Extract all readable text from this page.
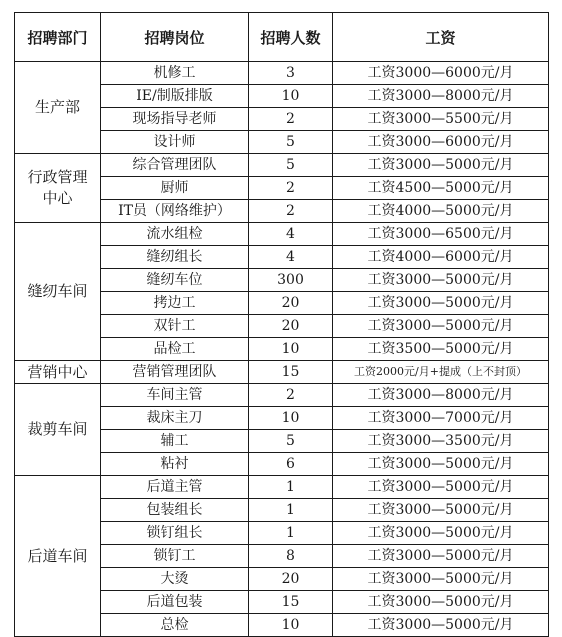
招聘部门	招聘岗位	招聘人数	工资
生产部	机修工	3	工资3000—6000元/月
	IE/制版排版	10	工资3000—8000元/月
	现场指导老师	2	工资3000—5500元/月
	设计师	5	工资3000—6000元/月
行政管理中心	综合管理团队	5	工资3000—5000元/月
	厨师	2	工资4500—5000元/月
	IT员（网络维护）	2	工资4000—5000元/月
缝纫车间	流水组检	4	工资3000—6500元/月
	缝纫组长	4	工资4000—6000元/月
	缝纫车位	300	工资3000—5000元/月
	拷边工	20	工资3000—5000元/月
	双针工	20	工资3000—5000元/月
	品检工	10	工资3500—5000元/月
营销中心	营销管理团队	15	工资2000元/月+提成（上不封顶）
裁剪车间	车间主管	2	工资3000—8000元/月
	裁床主刀	10	工资3000—7000元/月
	辅工	5	工资3000—3500元/月
	粘衬	6	工资3000—5000元/月
后道车间	后道主管	1	工资3000—5000元/月
	包装组长	1	工资3000—5000元/月
	锁钉组长	1	工资3000—5000元/月
	锁钉工	8	工资3000—5000元/月
	大烫	20	工资3000—5000元/月
	后道包装	15	工资3000—5000元/月
	总检	10	工资3000—5000元/月
